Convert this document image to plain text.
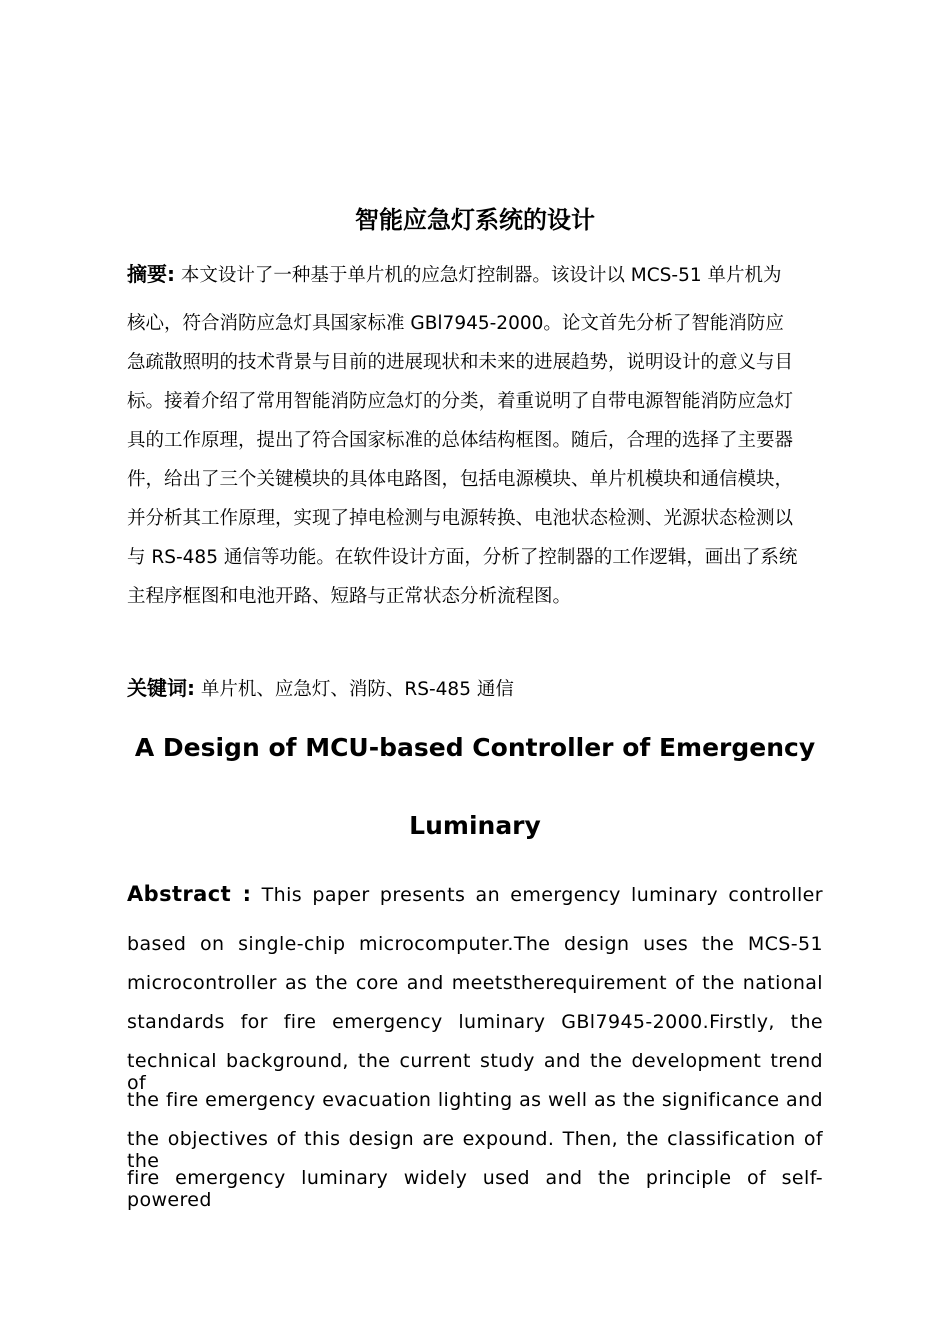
智能应急灯系统的设计
摘要: 本文设计了一种基于单片机的应急灯控制器。该设计以 MCS-51 单片机为
核心，符合消防应急灯具国家标准 GBl7945-2000。论文首先分析了智能消防应
急疏散照明的技术背景与目前的进展现状和未来的进展趋势，说明设计的意义与目
标。接着介绍了常用智能消防应急灯的分类，着重说明了自带电源智能消防应急灯
具的工作原理，提出了符合国家标准的总体结构框图。随后，合理的选择了主要器
件，给出了三个关键模块的具体电路图，包括电源模块、单片机模块和通信模块，
并分析其工作原理，实现了掉电检测与电源转换、电池状态检测、光源状态检测以
与 RS-485 通信等功能。在软件设计方面，分析了控制器的工作逻辑，画出了系统
主程序框图和电池开路、短路与正常状态分析流程图。
关键词: 单片机、应急灯、消防、RS-485 通信
A Design of MCU-based Controller of Emergency
Luminary
Abstract : This paper presents an emergency luminary controller
based on single-chip microcomputer.The design uses the MCS-51
microcontroller as the core and meetstherequirement of the national
standards for fire emergency luminary GBl7945-2000.Firstly, the
technical background, the current study and the development trend of
the fire emergency evacuation lighting as well as the significance and
the objectives of this design are expound. Then, the classification of the
fire emergency luminary widely used and the principle of self-powered
